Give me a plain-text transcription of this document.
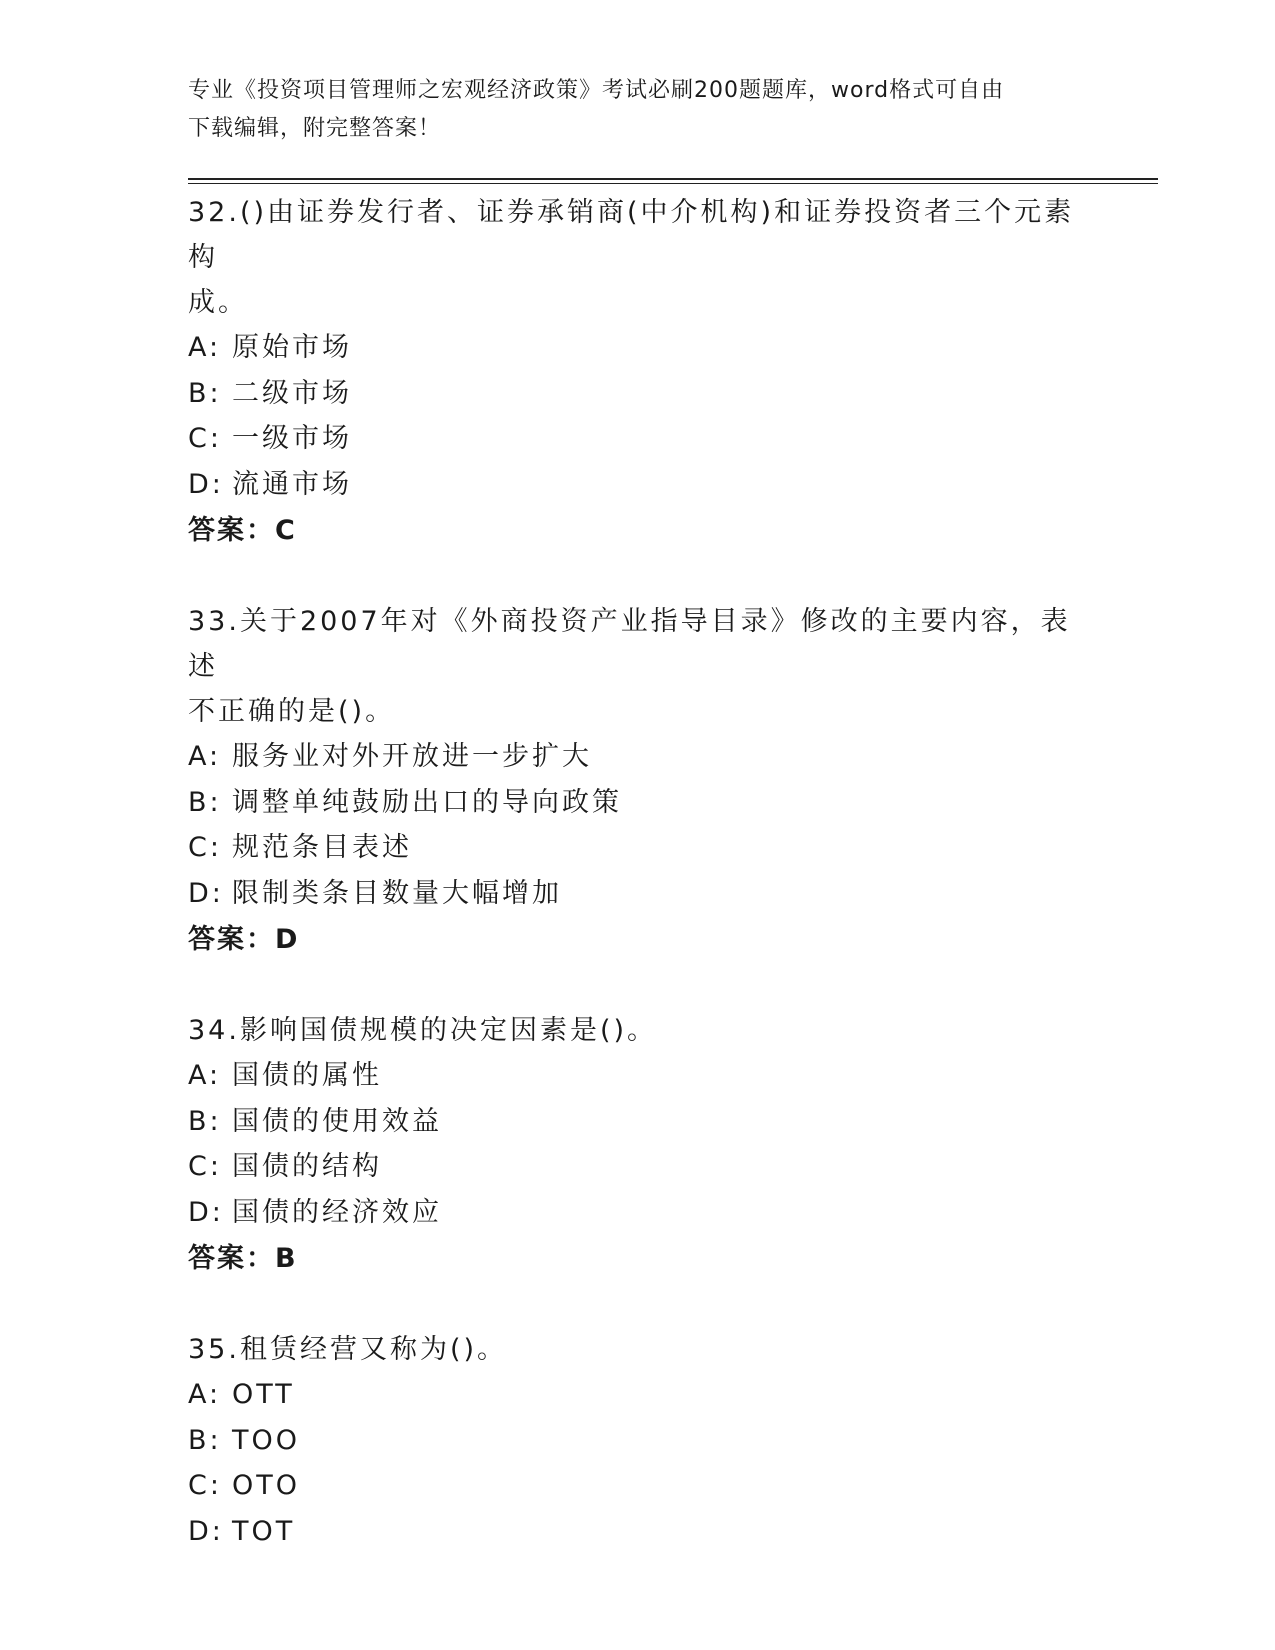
专业《投资项目管理师之宏观经济政策》考试必刷200题题库，word格式可自由
下载编辑，附完整答案！
32.()由证券发行者、证券承销商(中介机构)和证券投资者三个元素构
成。
A: 原始市场
B: 二级市场
C: 一级市场
D: 流通市场
答案：C
33.关于2007年对《外商投资产业指导目录》修改的主要内容，表述
不正确的是()。
A: 服务业对外开放进一步扩大
B: 调整单纯鼓励出口的导向政策
C: 规范条目表述
D: 限制类条目数量大幅增加
答案：D
34.影响国债规模的决定因素是()。
A: 国债的属性
B: 国债的使用效益
C: 国债的结构
D: 国债的经济效应
答案：B
35.租赁经营又称为()。
A: OTT
B: TOO
C: OTO
D: TOT
